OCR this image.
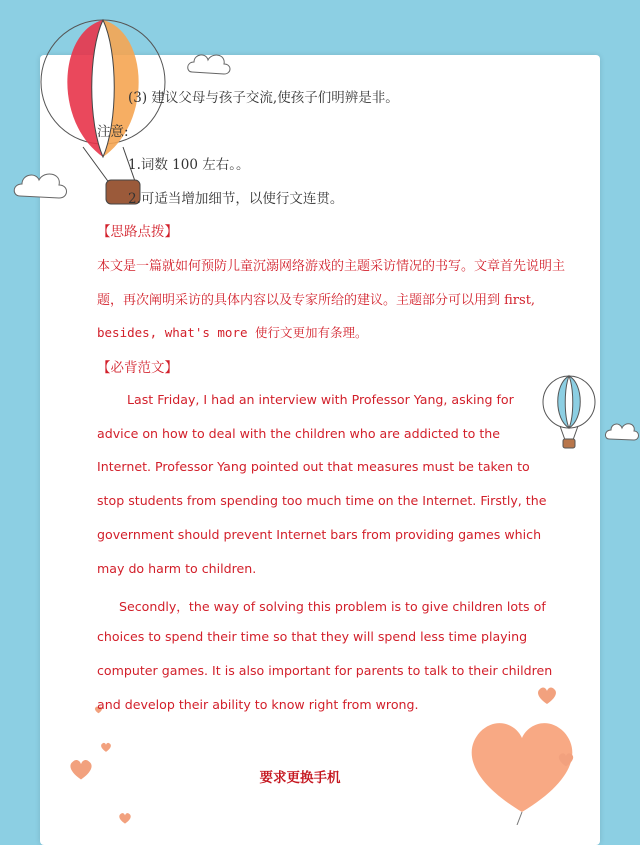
(3) 建议父母与孩子交流,使孩子们明辨是非。
注意:
1.词数 100 左右。。
2.可适当增加细节，以使行文连贯。
【思路点拨】
本文是一篇就如何预防儿童沉溺网络游戏的主题采访情况的书写。文章首先说明主
题，再次阐明采访的具体内容以及专家所给的建议。主题部分可以用到 first,
besides, what's more 使行文更加有条理。
【必背范文】
Last Friday, I had an interview with Professor Yang, asking for
advice on how to deal with the children who are addicted to the
Internet. Professor Yang pointed out that measures must be taken to
stop students from spending too much time on the Internet. Firstly, the
government should prevent Internet bars from providing games which
may do harm to children.
Secondly，the way of solving this problem is to give children lots of
choices to spend their time so that they will spend less time playing
computer games. It is also important for parents to talk to their children
and develop their ability to know right from wrong.
要求更换手机
